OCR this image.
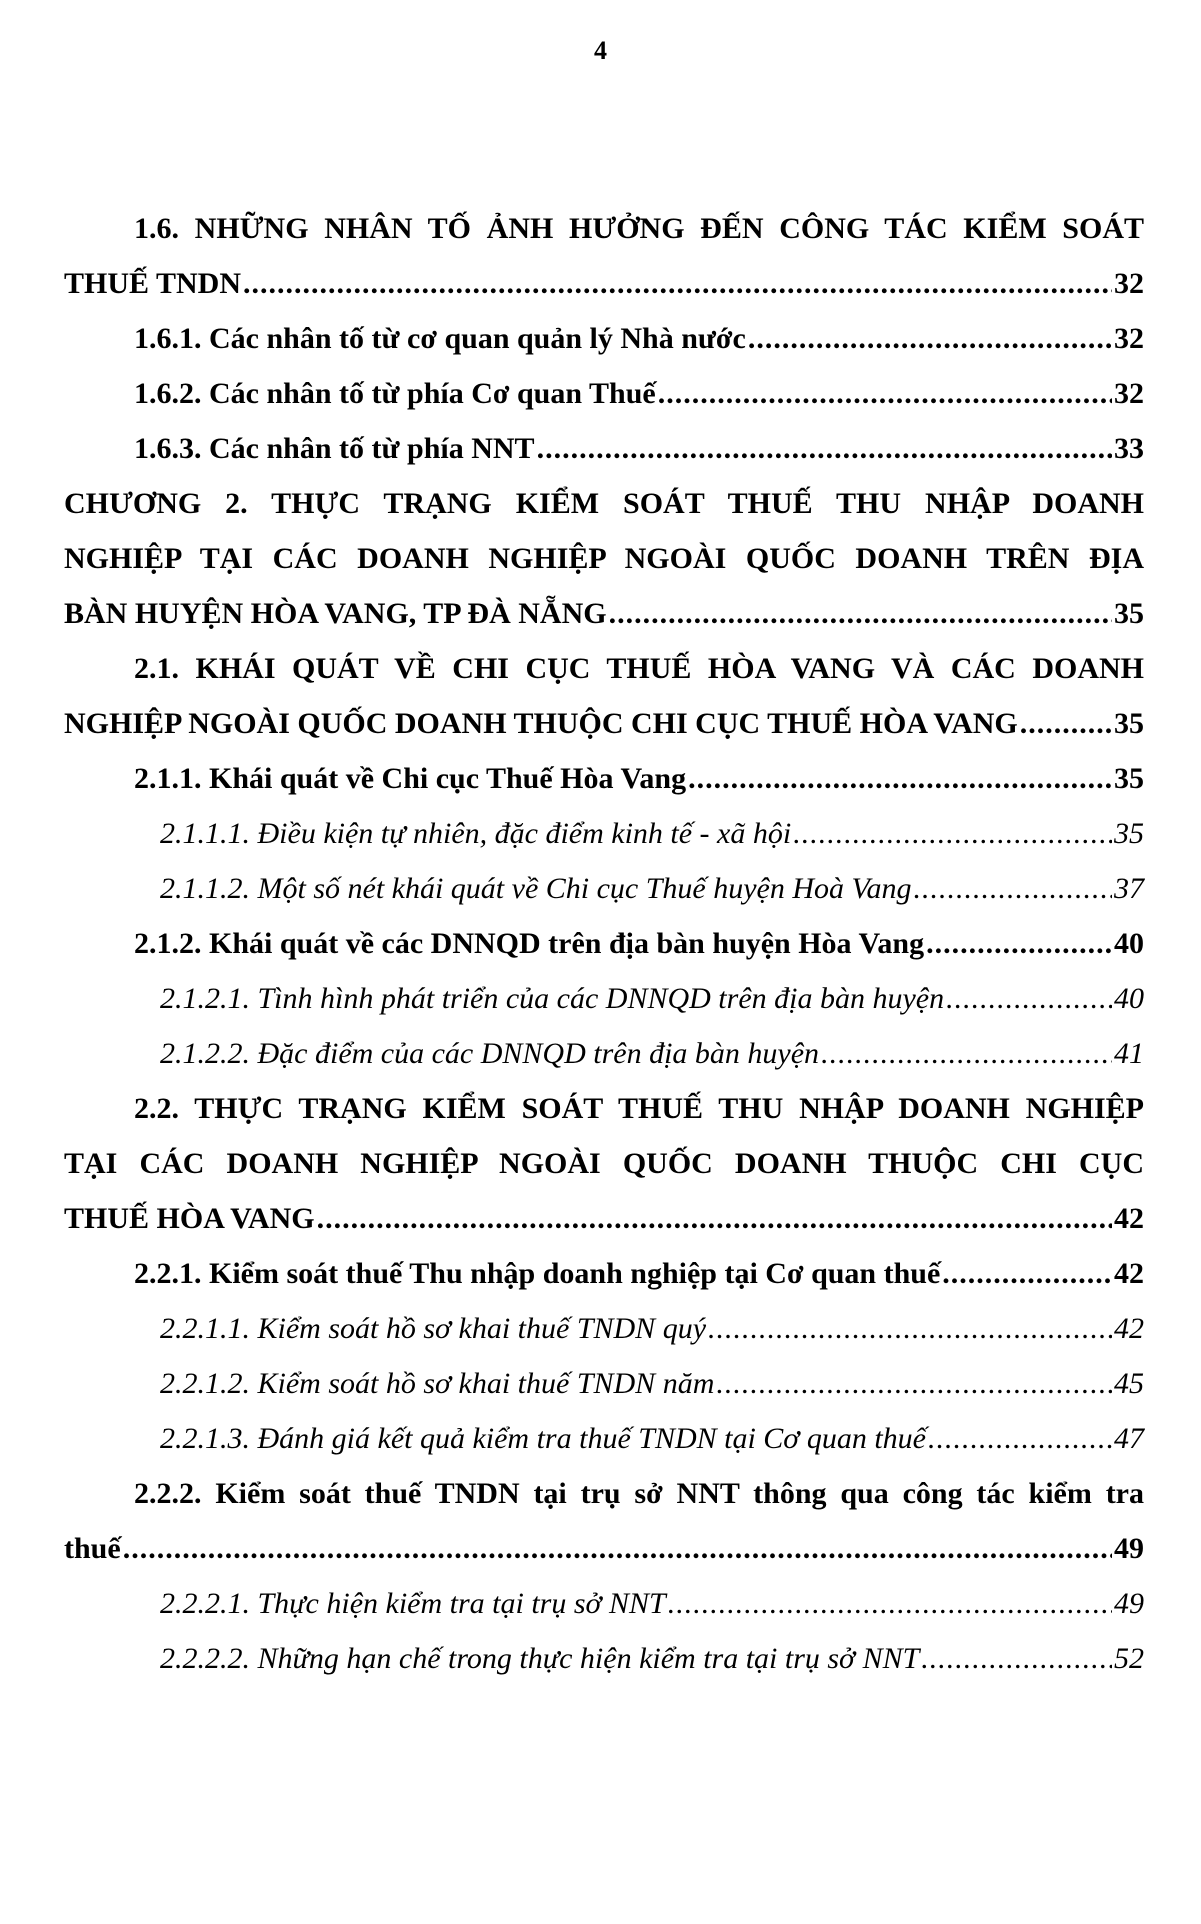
4
1.6. NHỮNG NHÂN TỐ ẢNH HƯỞNG ĐẾN CÔNG TÁC KIỂM SOÁT
THUẾ TNDN .....	32
1.6.1. Các nhân tố từ cơ quan quản lý Nhà nước .....	32
1.6.2. Các nhân tố từ phía Cơ quan Thuế .....	32
1.6.3. Các nhân tố từ phía NNT .....	33
CHƯƠNG 2. THỰC TRẠNG KIỂM SOÁT THUẾ THU NHẬP DOANH
NGHIỆP TẠI CÁC DOANH NGHIỆP NGOÀI QUỐC DOANH TRÊN ĐỊA
BÀN HUYỆN HÒA VANG, TP ĐÀ NẴNG .....	35
2.1. KHÁI QUÁT VỀ CHI CỤC THUẾ HÒA VANG VÀ CÁC DOANH
NGHIỆP NGOÀI QUỐC DOANH THUỘC CHI CỤC THUẾ HÒA VANG .....	35
2.1.1. Khái quát về Chi cục Thuế Hòa Vang .....	35
2.1.1.1. Điều kiện tự nhiên, đặc điểm kinh tế - xã hội .....	35
2.1.1.2. Một số nét khái quát về Chi cục Thuế huyện Hoà Vang .....	37
2.1.2. Khái quát về các DNNQD trên địa bàn huyện Hòa Vang .....	40
2.1.2.1. Tình hình phát triển của các DNNQD trên địa bàn huyện .....	40
2.1.2.2. Đặc điểm của các DNNQD trên địa bàn huyện .....	41
2.2. THỰC TRẠNG KIỂM SOÁT THUẾ THU NHẬP DOANH NGHIỆP
TẠI CÁC DOANH NGHIỆP NGOÀI QUỐC DOANH THUỘC CHI CỤC
THUẾ HÒA VANG .....	42
2.2.1. Kiểm soát thuế Thu nhập doanh nghiệp tại Cơ quan thuế .....	42
2.2.1.1. Kiểm soát hồ sơ khai thuế TNDN quý .....	42
2.2.1.2. Kiểm soát hồ sơ khai thuế TNDN năm .....	45
2.2.1.3. Đánh giá kết quả kiểm tra thuế TNDN tại Cơ quan thuế .....	47
2.2.2. Kiểm soát thuế TNDN tại trụ sở NNT thông qua công tác kiểm tra
thuế .....	49
2.2.2.1. Thực hiện kiểm tra tại trụ sở NNT .....	49
2.2.2.2. Những hạn chế trong thực hiện kiểm tra tại trụ sở NNT .....	52
